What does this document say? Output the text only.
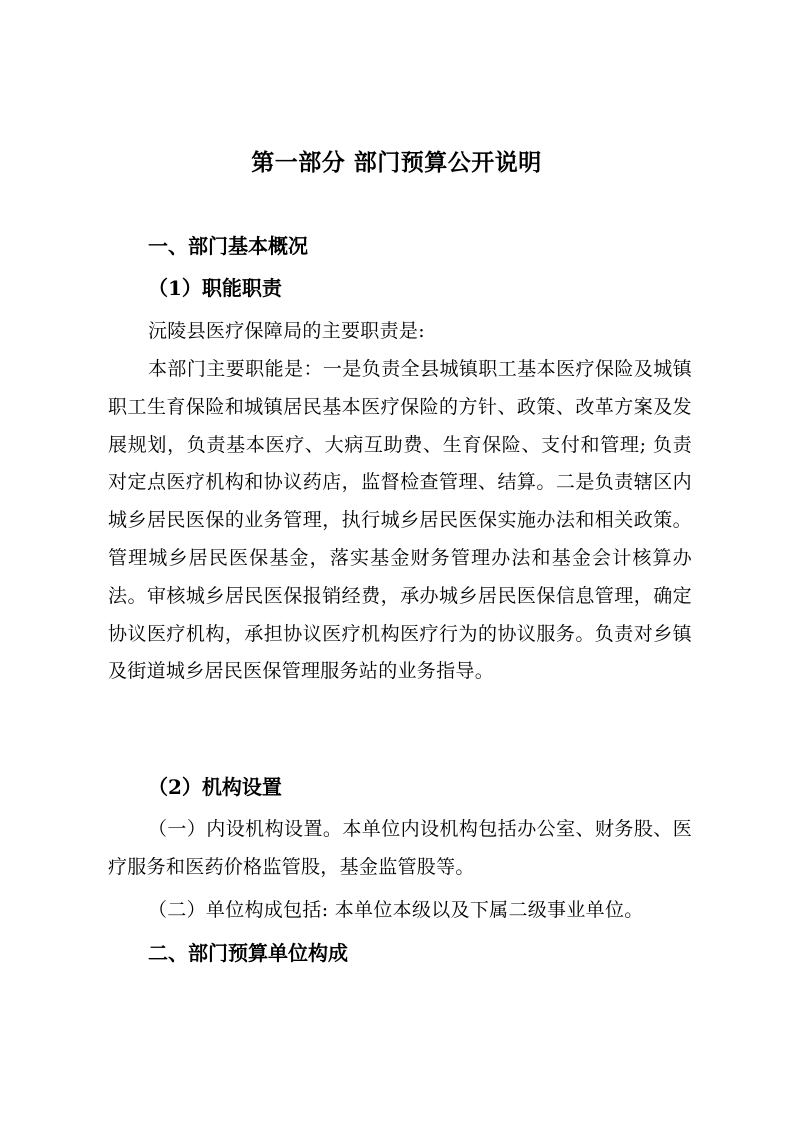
第一部分 部门预算公开说明
一、部门基本概况
（1）职能职责
沅陵县医疗保障局的主要职责是:
本部门主要职能是：一是负责全县城镇职工基本医疗保险及城镇职工生育保险和城镇居民基本医疗保险的方针、政策、改革方案及发展规划，负责基本医疗、大病互助费、生育保险、支付和管理; 负责对定点医疗机构和协议药店，监督检查管理、结算。二是负责辖区内城乡居民医保的业务管理，执行城乡居民医保实施办法和相关政策。管理城乡居民医保基金，落实基金财务管理办法和基金会计核算办法。审核城乡居民医保报销经费，承办城乡居民医保信息管理，确定协议医疗机构，承担协议医疗机构医疗行为的协议服务。负责对乡镇及街道城乡居民医保管理服务站的业务指导。
（2）机构设置
（一）内设机构设置。本单位内设机构包括办公室、财务股、医疗服务和医药价格监管股，基金监管股等。
（二）单位构成包括: 本单位本级以及下属二级事业单位。
二、部门预算单位构成
